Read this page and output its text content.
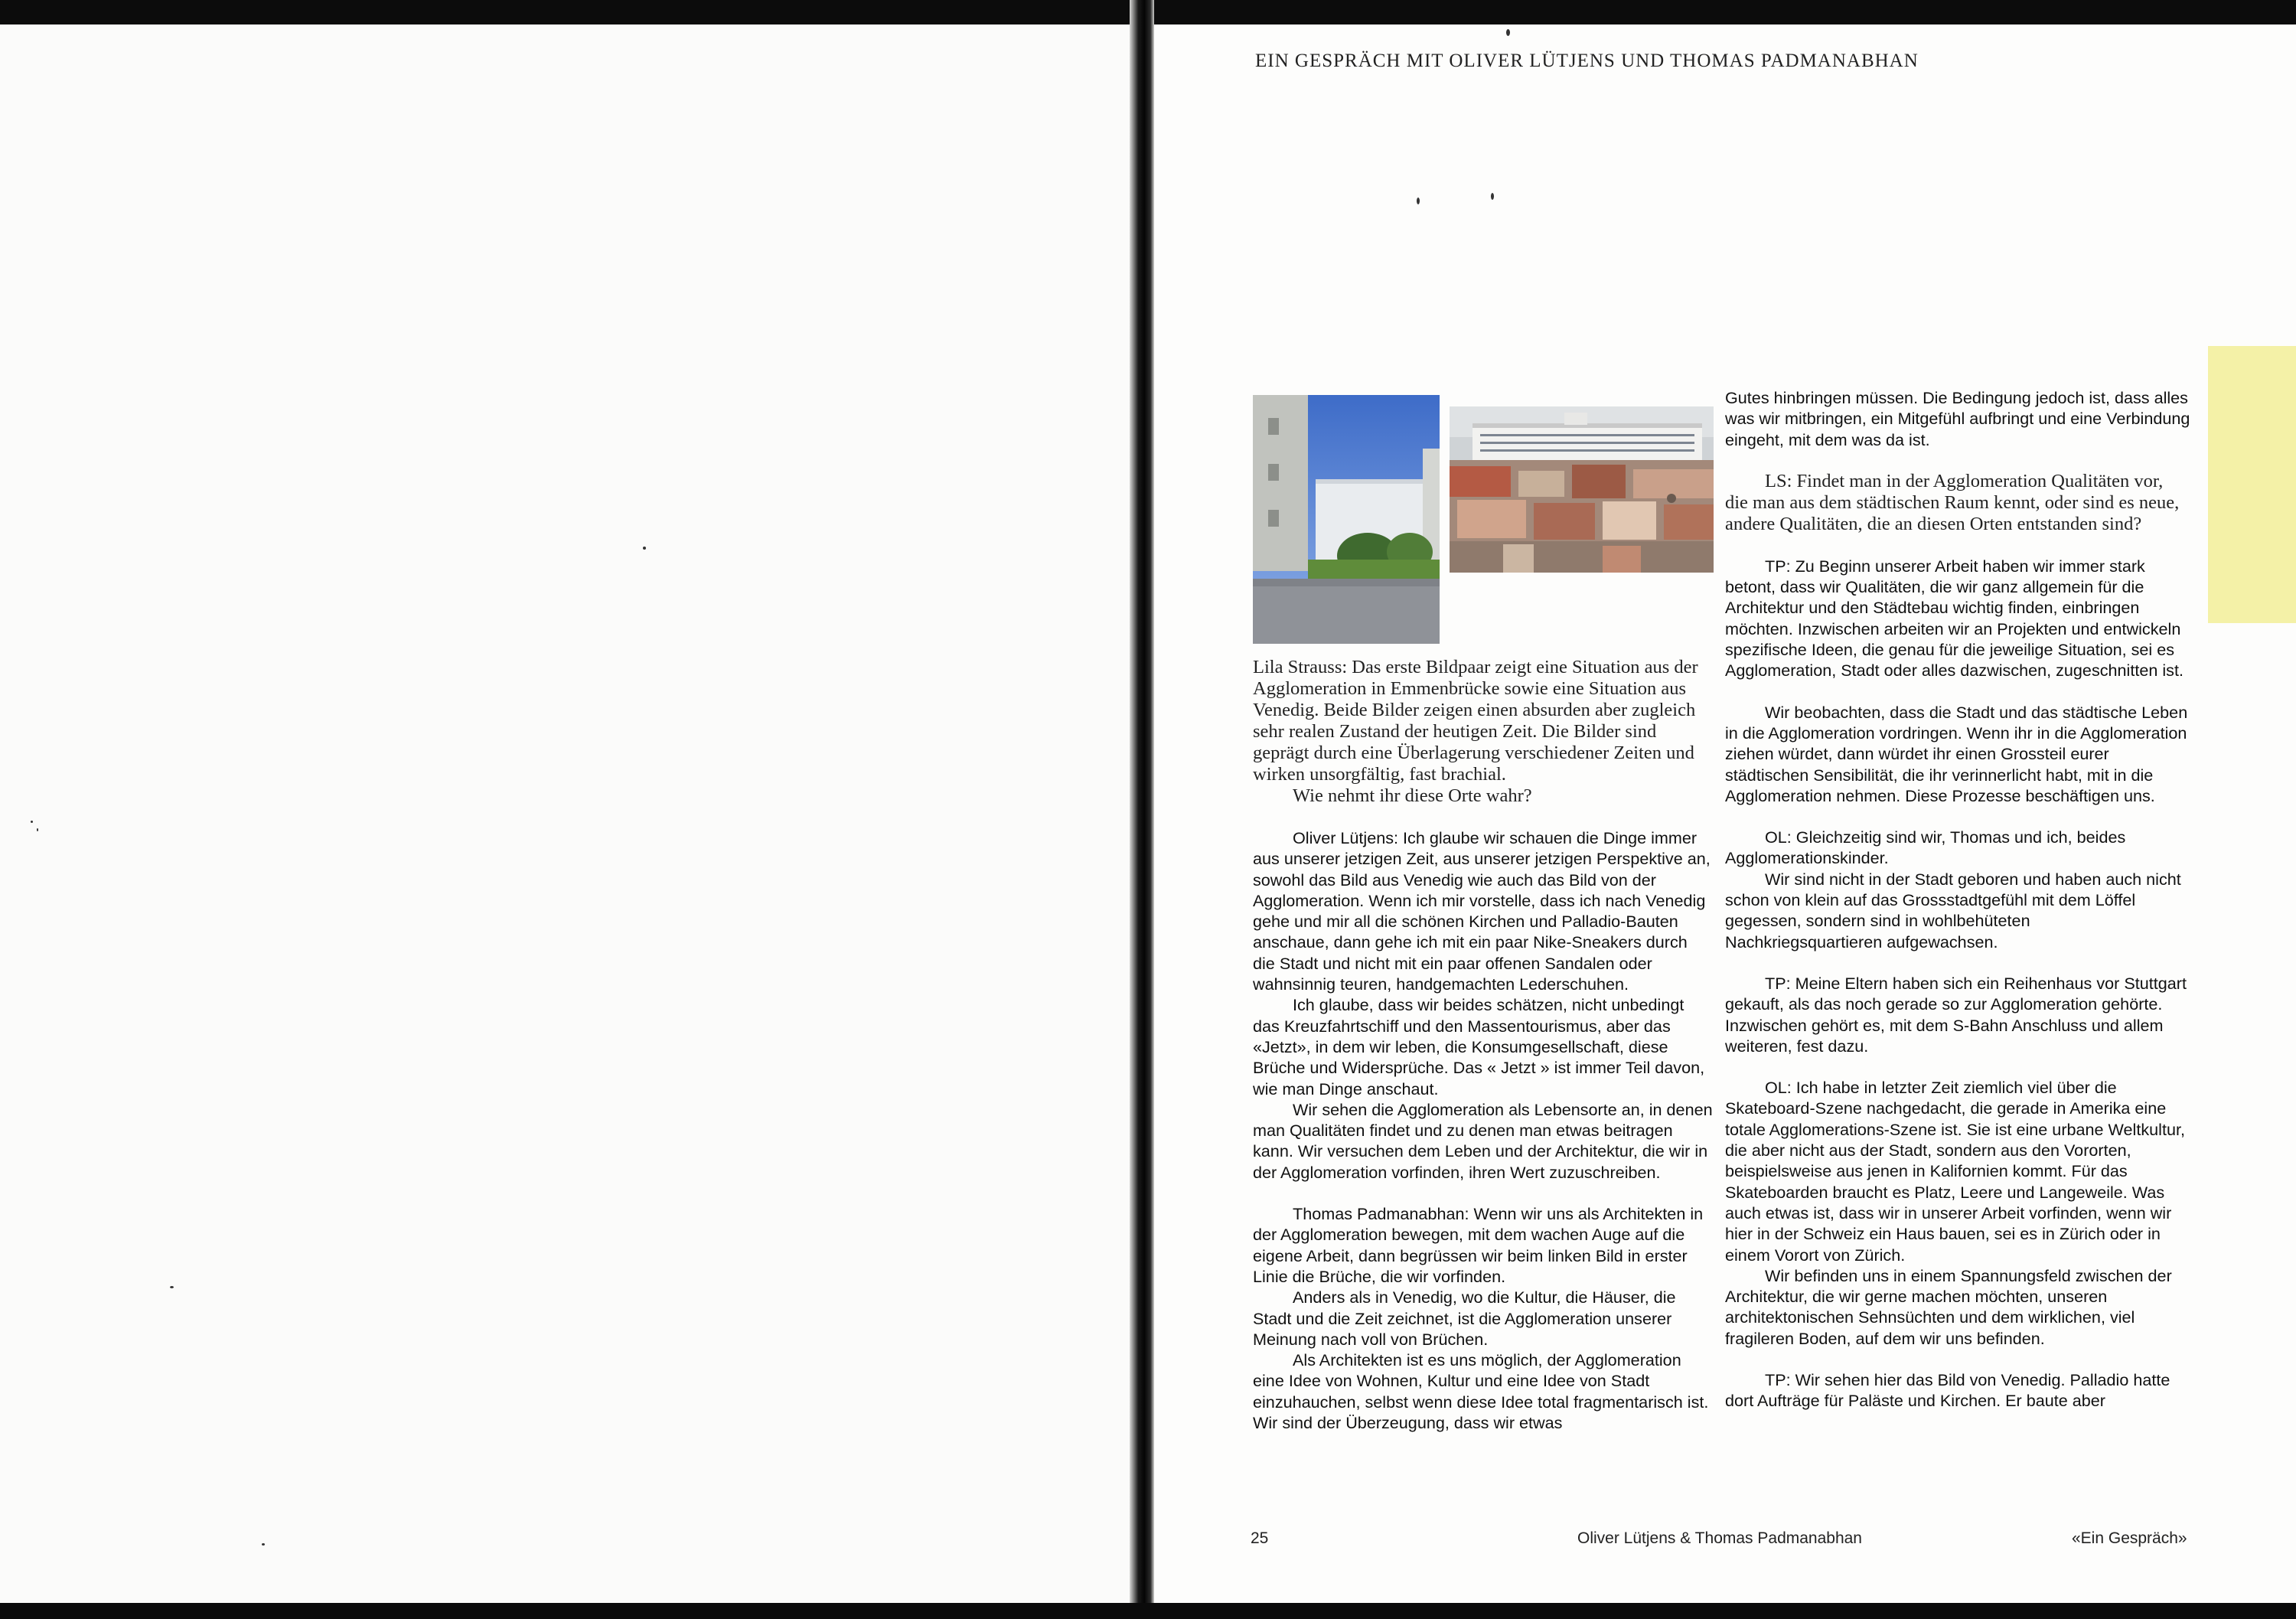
EIN GESPRÄCH MIT OLIVER LÜTJENS UND THOMAS PADMANABHAN
Lila Strauss: Das erste Bildpaar zeigt eine Situation aus der Agglomeration in Emmenbrücke sowie eine Situation aus Venedig. Beide Bilder zeigen einen absurden aber zugleich sehr realen Zustand der heutigen Zeit. Die Bilder sind geprägt durch eine Überlagerung verschiedener Zeiten und wirken unsorgfältig, fast brachial.
Wie nehmt ihr diese Orte wahr?
Oliver Lütjens: Ich glaube wir schauen die Dinge immer aus unserer jetzigen Zeit, aus unserer jetzigen Perspektive an, sowohl das Bild aus Venedig wie auch das Bild von der Agglomeration. Wenn ich mir vorstelle, dass ich nach Venedig gehe und mir all die schönen Kirchen und Palladio-Bauten anschaue, dann gehe ich mit ein paar Nike-Sneakers durch die Stadt und nicht mit ein paar offenen Sandalen oder wahnsinnig teuren, handgemachten Lederschuhen.
Ich glaube, dass wir beides schätzen, nicht unbedingt das Kreuzfahrtschiff und den Massentourismus, aber das «Jetzt», in dem wir leben, die Konsumgesellschaft, diese Brüche und Widersprüche. Das « Jetzt » ist immer Teil davon, wie man Dinge anschaut.
Wir sehen die Agglomeration als Lebensorte an, in denen man Qualitäten findet und zu denen man etwas beitragen kann. Wir versuchen dem Leben und der Architektur, die wir in der Agglomeration vorfinden, ihren Wert zuzuschreiben.
Thomas Padmanabhan: Wenn wir uns als Architekten in der Agglomeration bewegen, mit dem wachen Auge auf die eigene Arbeit, dann begrüssen wir beim linken Bild in erster Linie die Brüche, die wir vorfinden.
Anders als in Venedig, wo die Kultur, die Häuser, die Stadt und die Zeit zeichnet, ist die Agglomeration unserer Meinung nach voll von Brüchen.
Als Architekten ist es uns möglich, der Agglomeration eine Idee von Wohnen, Kultur und eine Idee von Stadt einzuhauchen, selbst wenn diese Idee total fragmentarisch ist. Wir sind der Überzeugung, dass wir etwas
Gutes hinbringen müssen. Die Bedingung jedoch ist, dass alles was wir mitbringen, ein Mitgefühl aufbringt und eine Verbindung eingeht, mit dem was da ist.
LS: Findet man in der Agglomeration Qualitäten vor, die man aus dem städtischen Raum kennt, oder sind es neue, andere Qualitäten, die an diesen Orten entstanden sind?
TP: Zu Beginn unserer Arbeit haben wir immer stark betont, dass wir Qualitäten, die wir ganz allgemein für die Architektur und den Städtebau wichtig finden, einbringen möchten. Inzwischen arbeiten wir an Projekten und entwickeln spezifische Ideen, die genau für die jeweilige Situation, sei es Agglomeration, Stadt oder alles dazwischen, zugeschnitten ist.
Wir beobachten, dass die Stadt und das städtische Leben in die Agglomeration vordringen. Wenn ihr in die Agglomeration ziehen würdet, dann würdet ihr einen Grossteil eurer städtischen Sensibilität, die ihr verinnerlicht habt, mit in die Agglomeration nehmen. Diese Prozesse beschäftigen uns.
OL: Gleichzeitig sind wir, Thomas und ich, beides Agglomerationskinder.
Wir sind nicht in der Stadt geboren und haben auch nicht schon von klein auf das Grossstadtgefühl mit dem Löffel gegessen, sondern sind in wohlbehüteten Nachkriegsquartieren aufgewachsen.
TP: Meine Eltern haben sich ein Reihenhaus vor Stuttgart gekauft, als das noch gerade so zur Agglomeration gehörte. Inzwischen gehört es, mit dem S-Bahn Anschluss und allem weiteren, fest dazu.
OL: Ich habe in letzter Zeit ziemlich viel über die Skateboard-Szene nachgedacht, die gerade in Amerika eine totale Agglomerations-Szene ist. Sie ist eine urbane Weltkultur, die aber nicht aus der Stadt, sondern aus den Vororten, beispielsweise aus jenen in Kalifornien kommt. Für das Skateboarden braucht es Platz, Leere und Langeweile. Was auch etwas ist, dass wir in unserer Arbeit vorfinden, wenn wir hier in der Schweiz ein Haus bauen, sei es in Zürich oder in einem Vorort von Zürich.
Wir befinden uns in einem Spannungsfeld zwischen der Architektur, die wir gerne machen möchten, unseren architektonischen Sehnsüchten und dem wirklichen, viel fragileren Boden, auf dem wir uns befinden.
TP: Wir sehen hier das Bild von Venedig. Palladio hatte dort Aufträge für Paläste und Kirchen. Er baute aber
25	Oliver Lütjens & Thomas Padmanabhan	«Ein Gespräch»
